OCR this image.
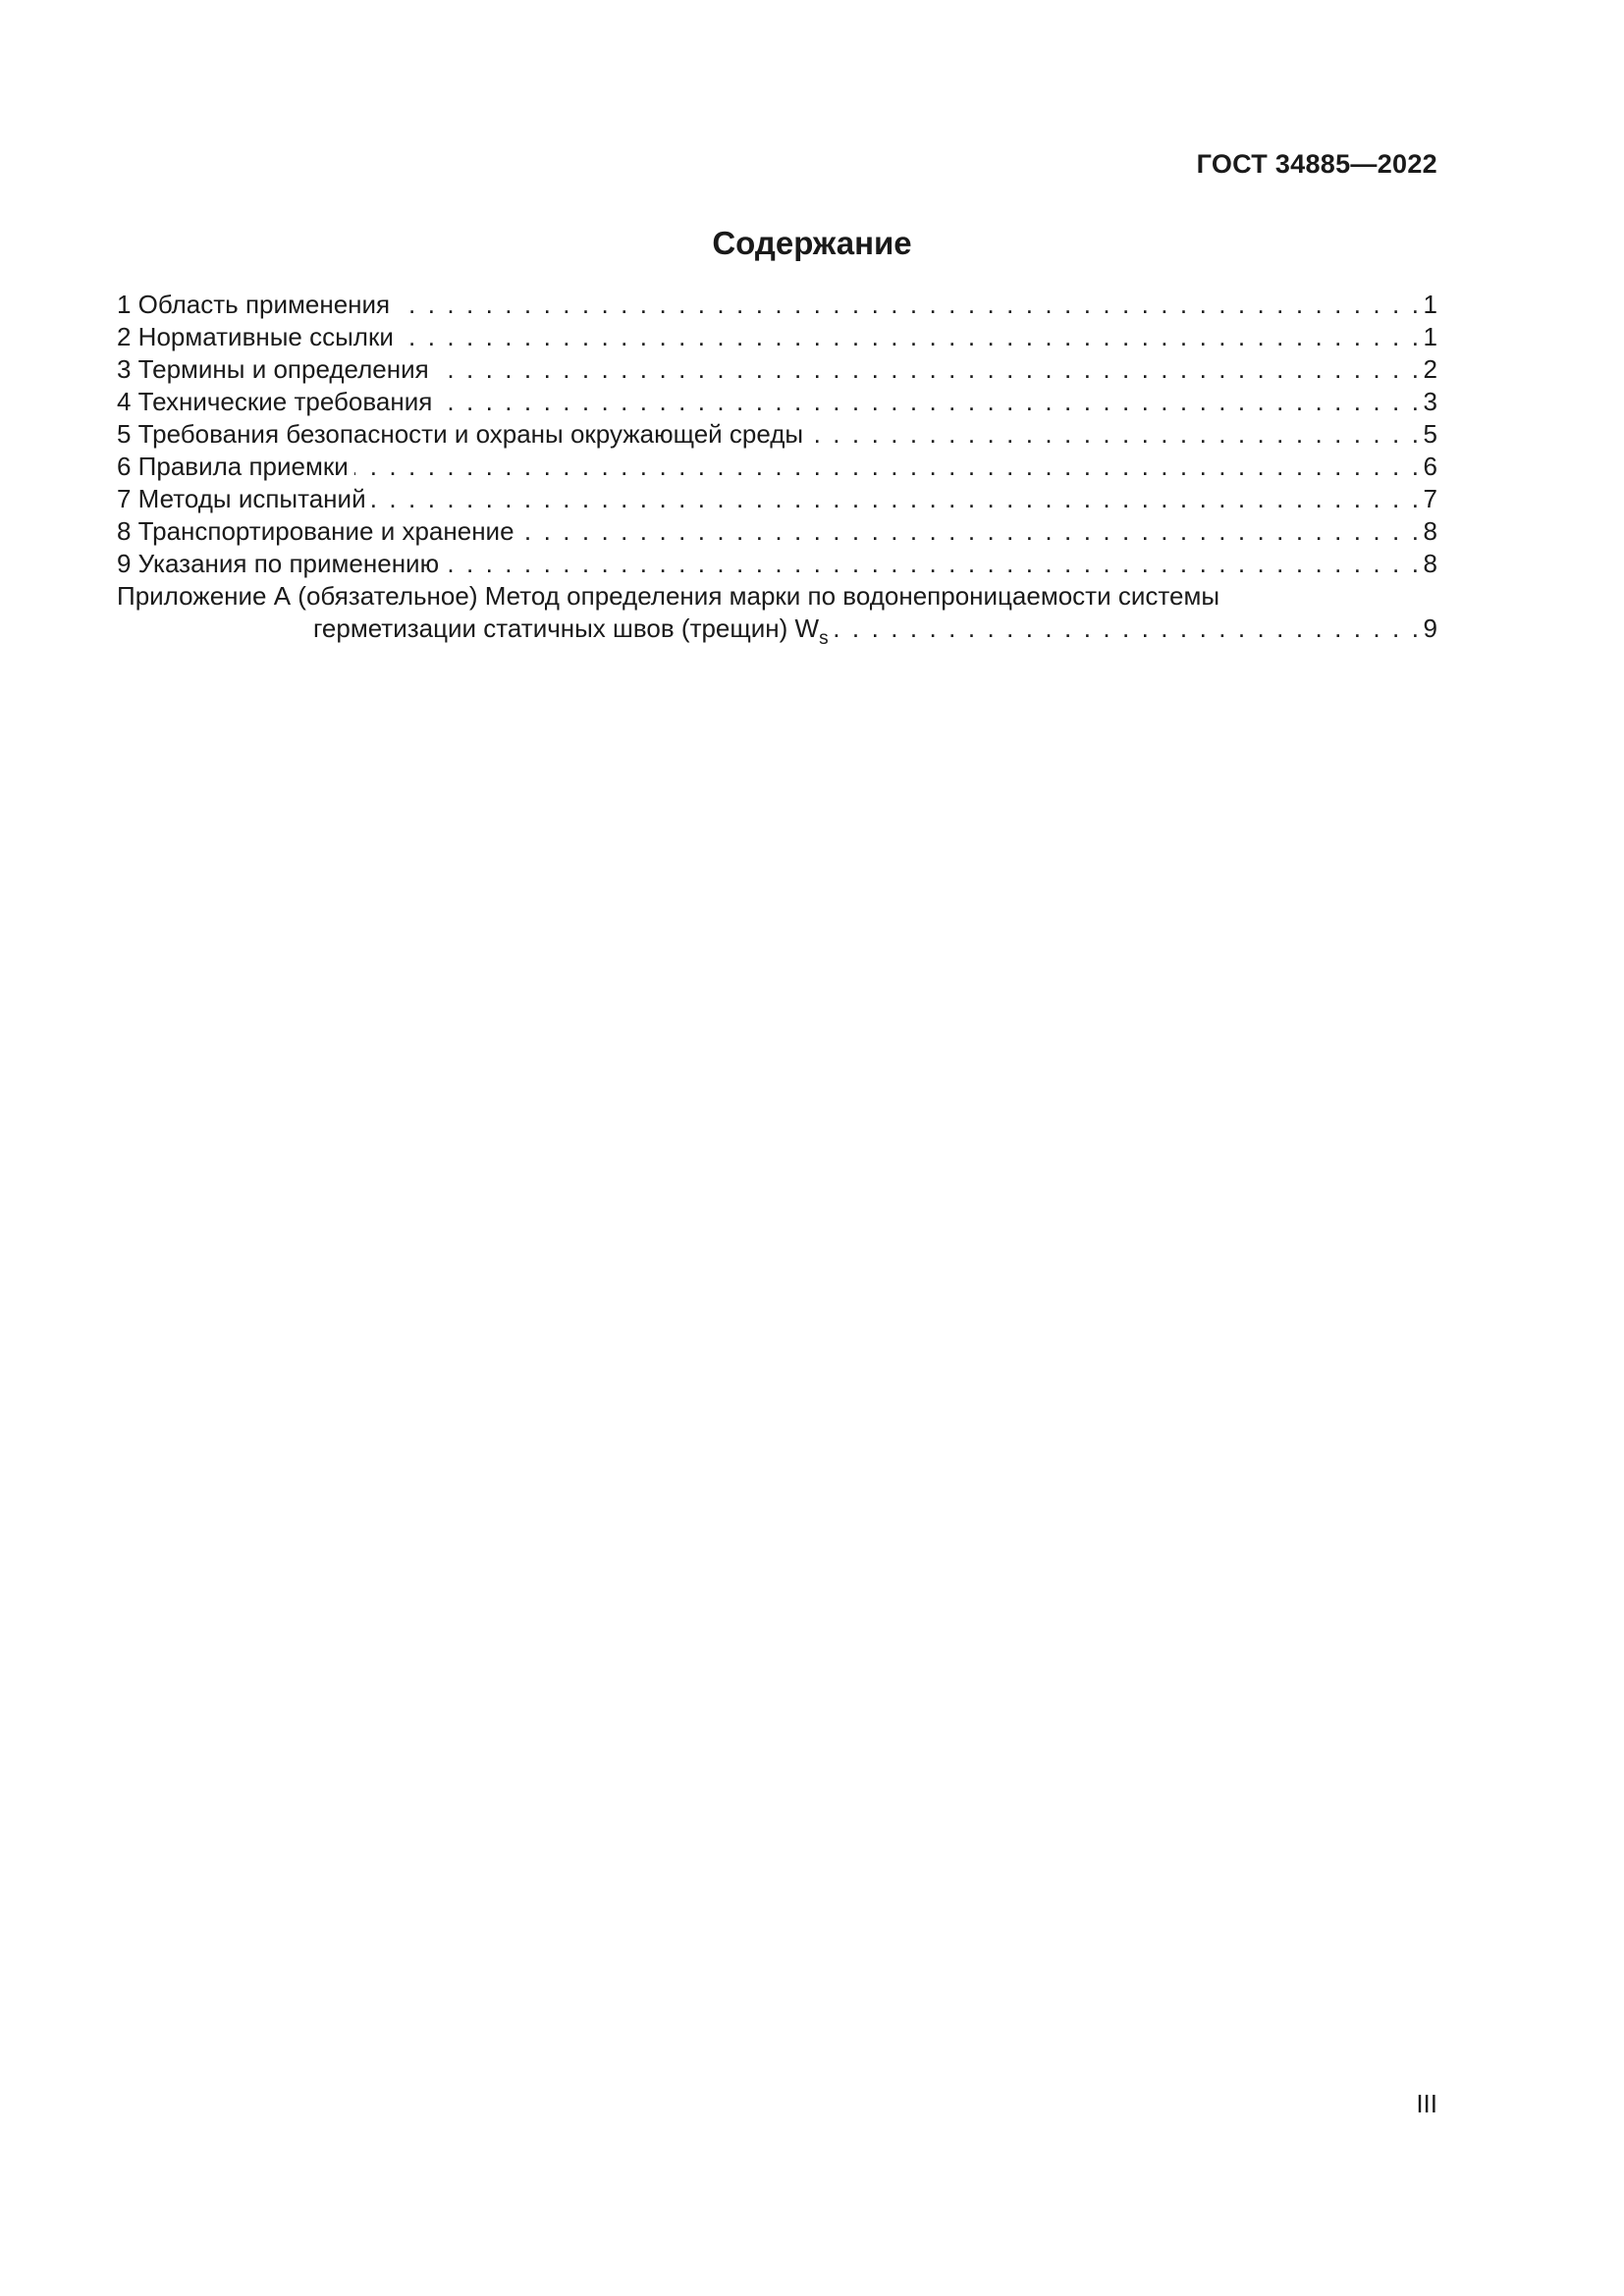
ГОСТ 34885—2022
Содержание
1 Область применения . . .	1
2 Нормативные ссылки . . .	1
3 Термины и определения . . .	2
4 Технические требования . . .	3
5 Требования безопасности и охраны окружающей среды . . .	5
6 Правила приемки . . .	6
7 Методы испытаний . . .	7
8 Транспортирование и хранение . . .	8
9 Указания по применению . . .	8
Приложение А (обязательное) Метод определения марки по водонепроницаемости системы
герметизации статичных швов (трещин) $W_s$ . . .	9
III
